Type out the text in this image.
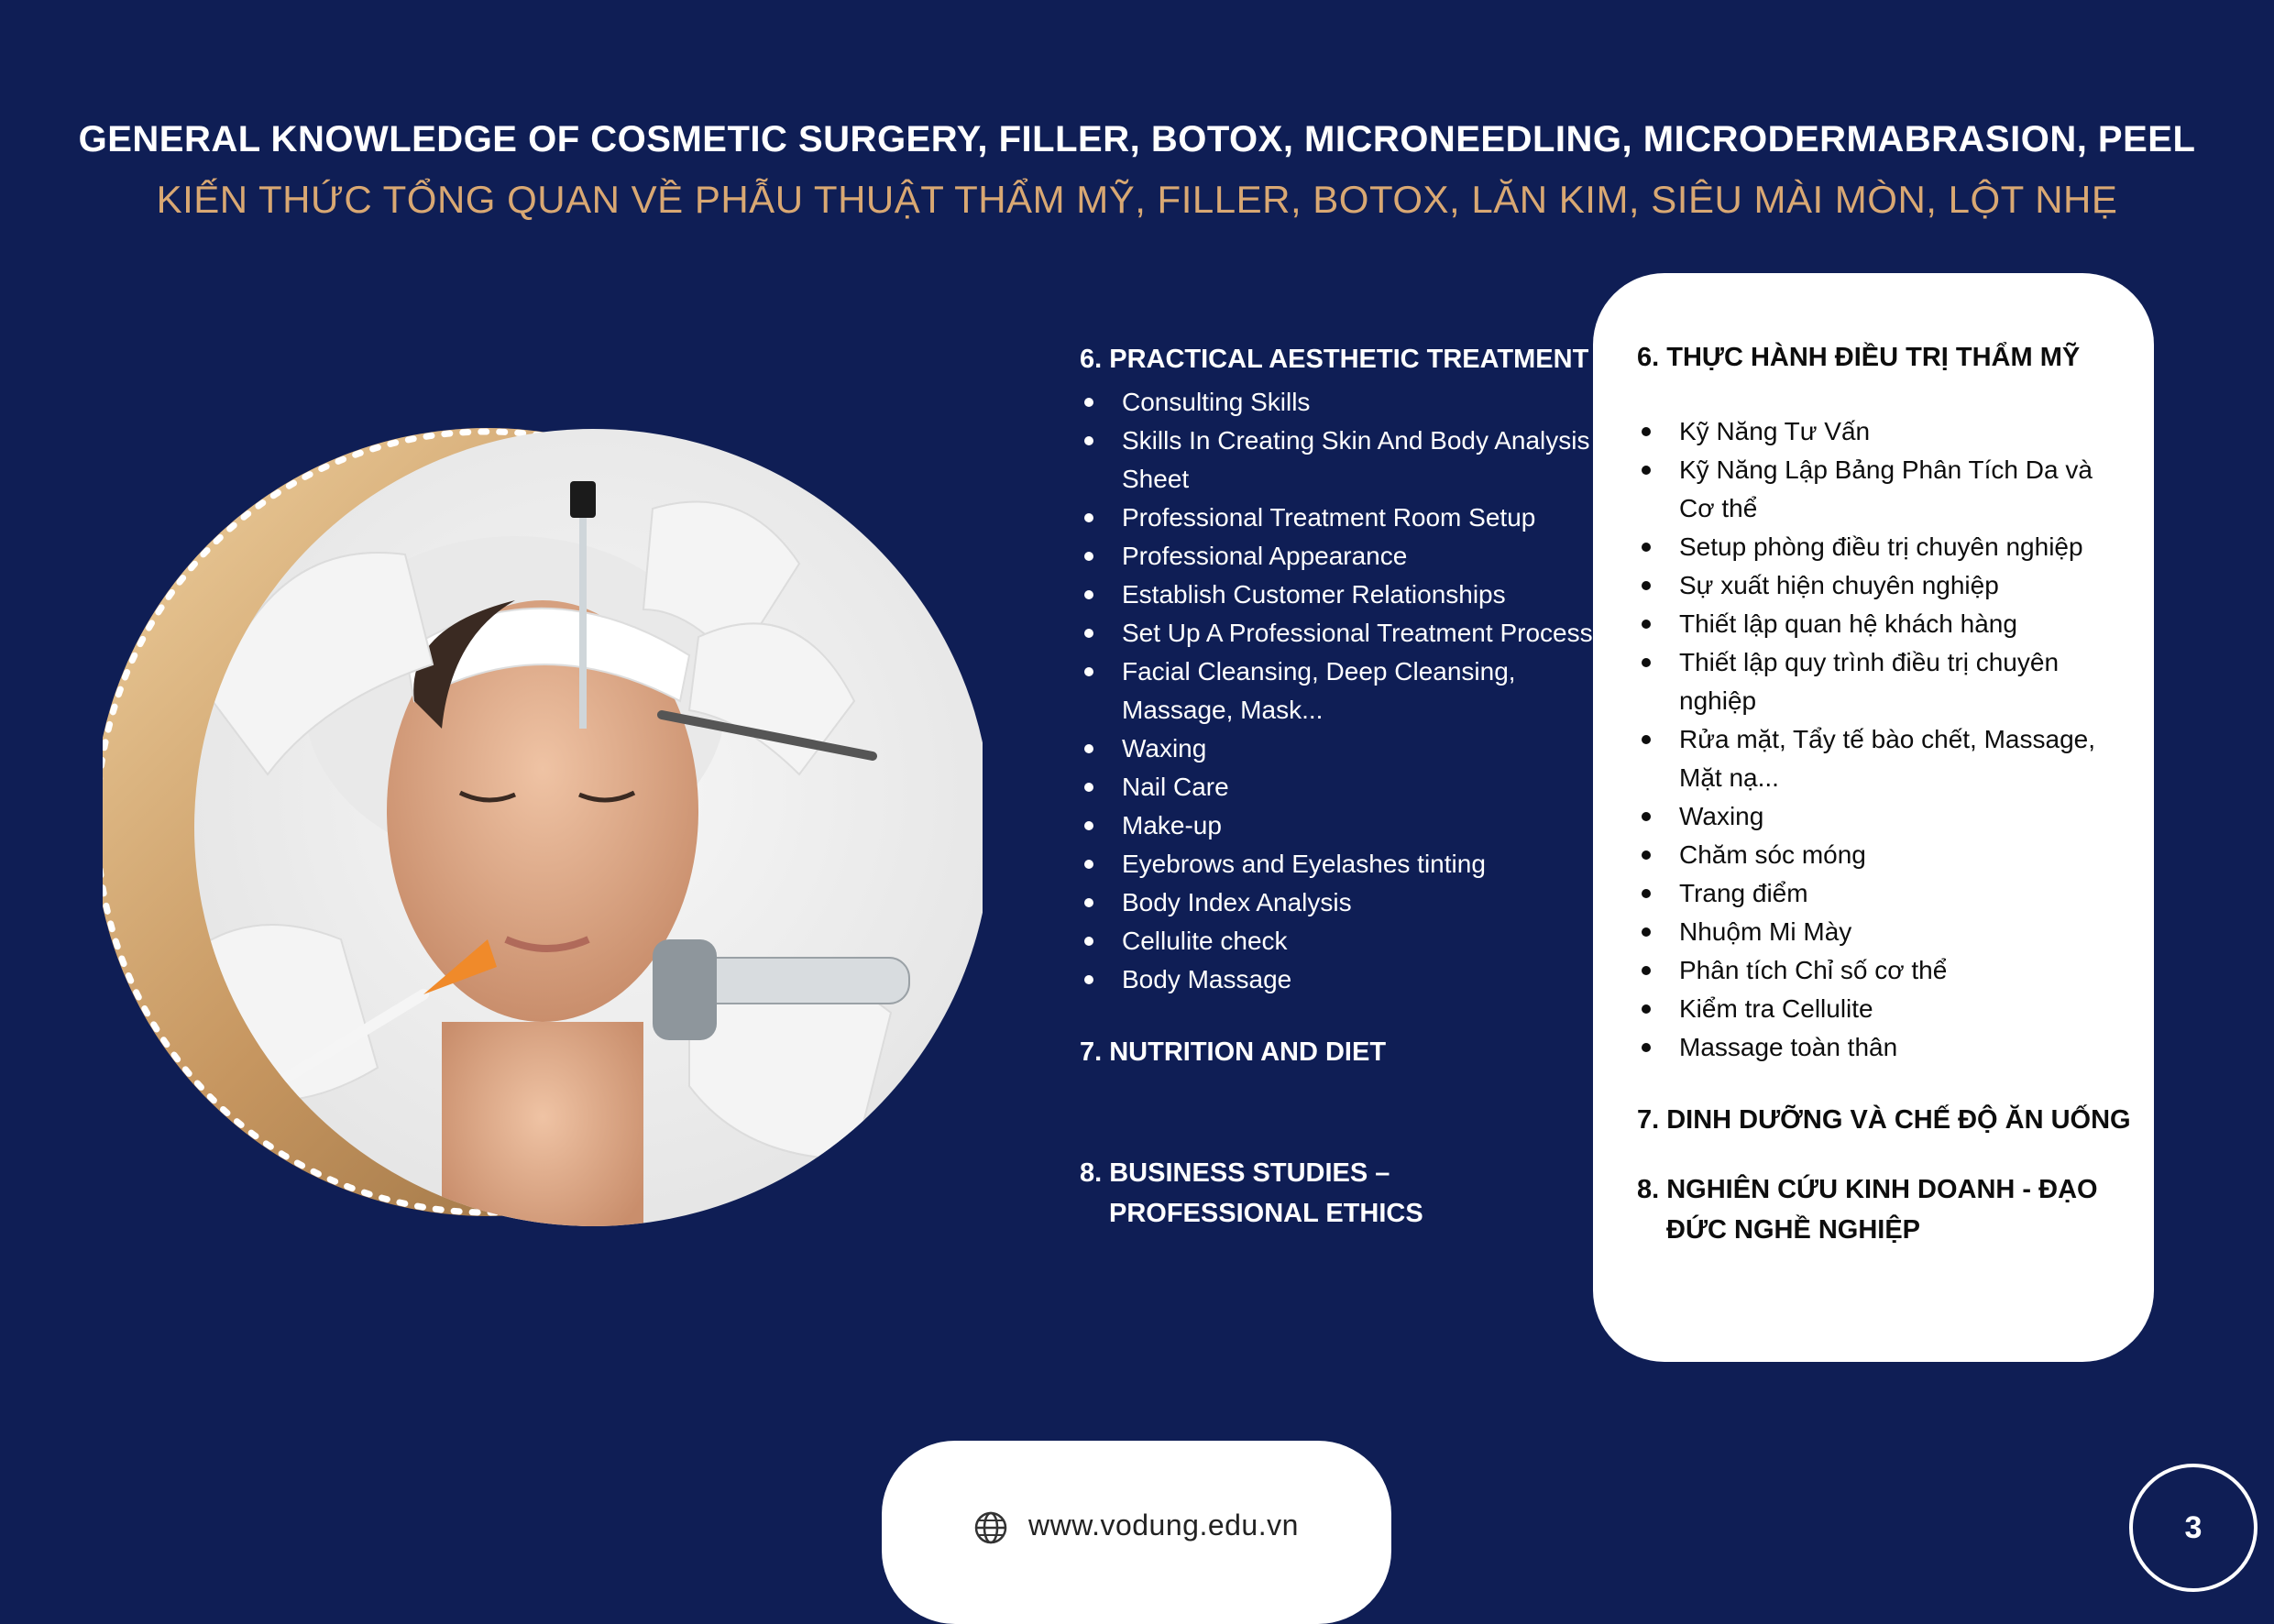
GENERAL KNOWLEDGE OF COSMETIC SURGERY, FILLER, BOTOX, MICRONEEDLING, MICRODERMABRASION, PEEL
KIẾN THỨC TỔNG QUAN VỀ PHẪU THUẬT THẨM MỸ, FILLER, BOTOX, LĂN KIM, SIÊU MÀI MÒN, LỘT NHẸ

6. PRACTICAL AESTHETIC TREATMENT

Consulting Skills
Skills In Creating Skin And Body Analysis Sheet
Professional Treatment Room Setup
Professional Appearance
Establish Customer Relationships
Set Up A Professional Treatment Process
Facial Cleansing, Deep Cleansing, Massage, Mask...
Waxing
Nail Care
Make-up
Eyebrows and Eyelashes tinting
Body Index Analysis
Cellulite check
Body Massage

7. NUTRITION AND DIET

8. BUSINESS STUDIES – PROFESSIONAL ETHICS

6. THỰC HÀNH ĐIỀU TRỊ THẨM MỸ

Kỹ Năng Tư Vấn
Kỹ Năng Lập Bảng Phân Tích Da và Cơ thể
Setup phòng điều trị chuyên nghiệp
Sự xuất hiện chuyên nghiệp
Thiết lập quan hệ khách hàng
Thiết lập quy trình điều trị chuyên nghiệp
Rửa mặt, Tẩy tế bào chết, Massage, Mặt nạ...
Waxing
Chăm sóc móng
Trang điểm
Nhuộm Mi Mày
Phân tích Chỉ số cơ thể
Kiểm tra Cellulite
Massage toàn thân

7. DINH DƯỠNG VÀ CHẾ ĐỘ ĂN UỐNG

8. NGHIÊN CỨU KINH DOANH - ĐẠO ĐỨC NGHỀ NGHIỆP

www.vodung.edu.vn	3
